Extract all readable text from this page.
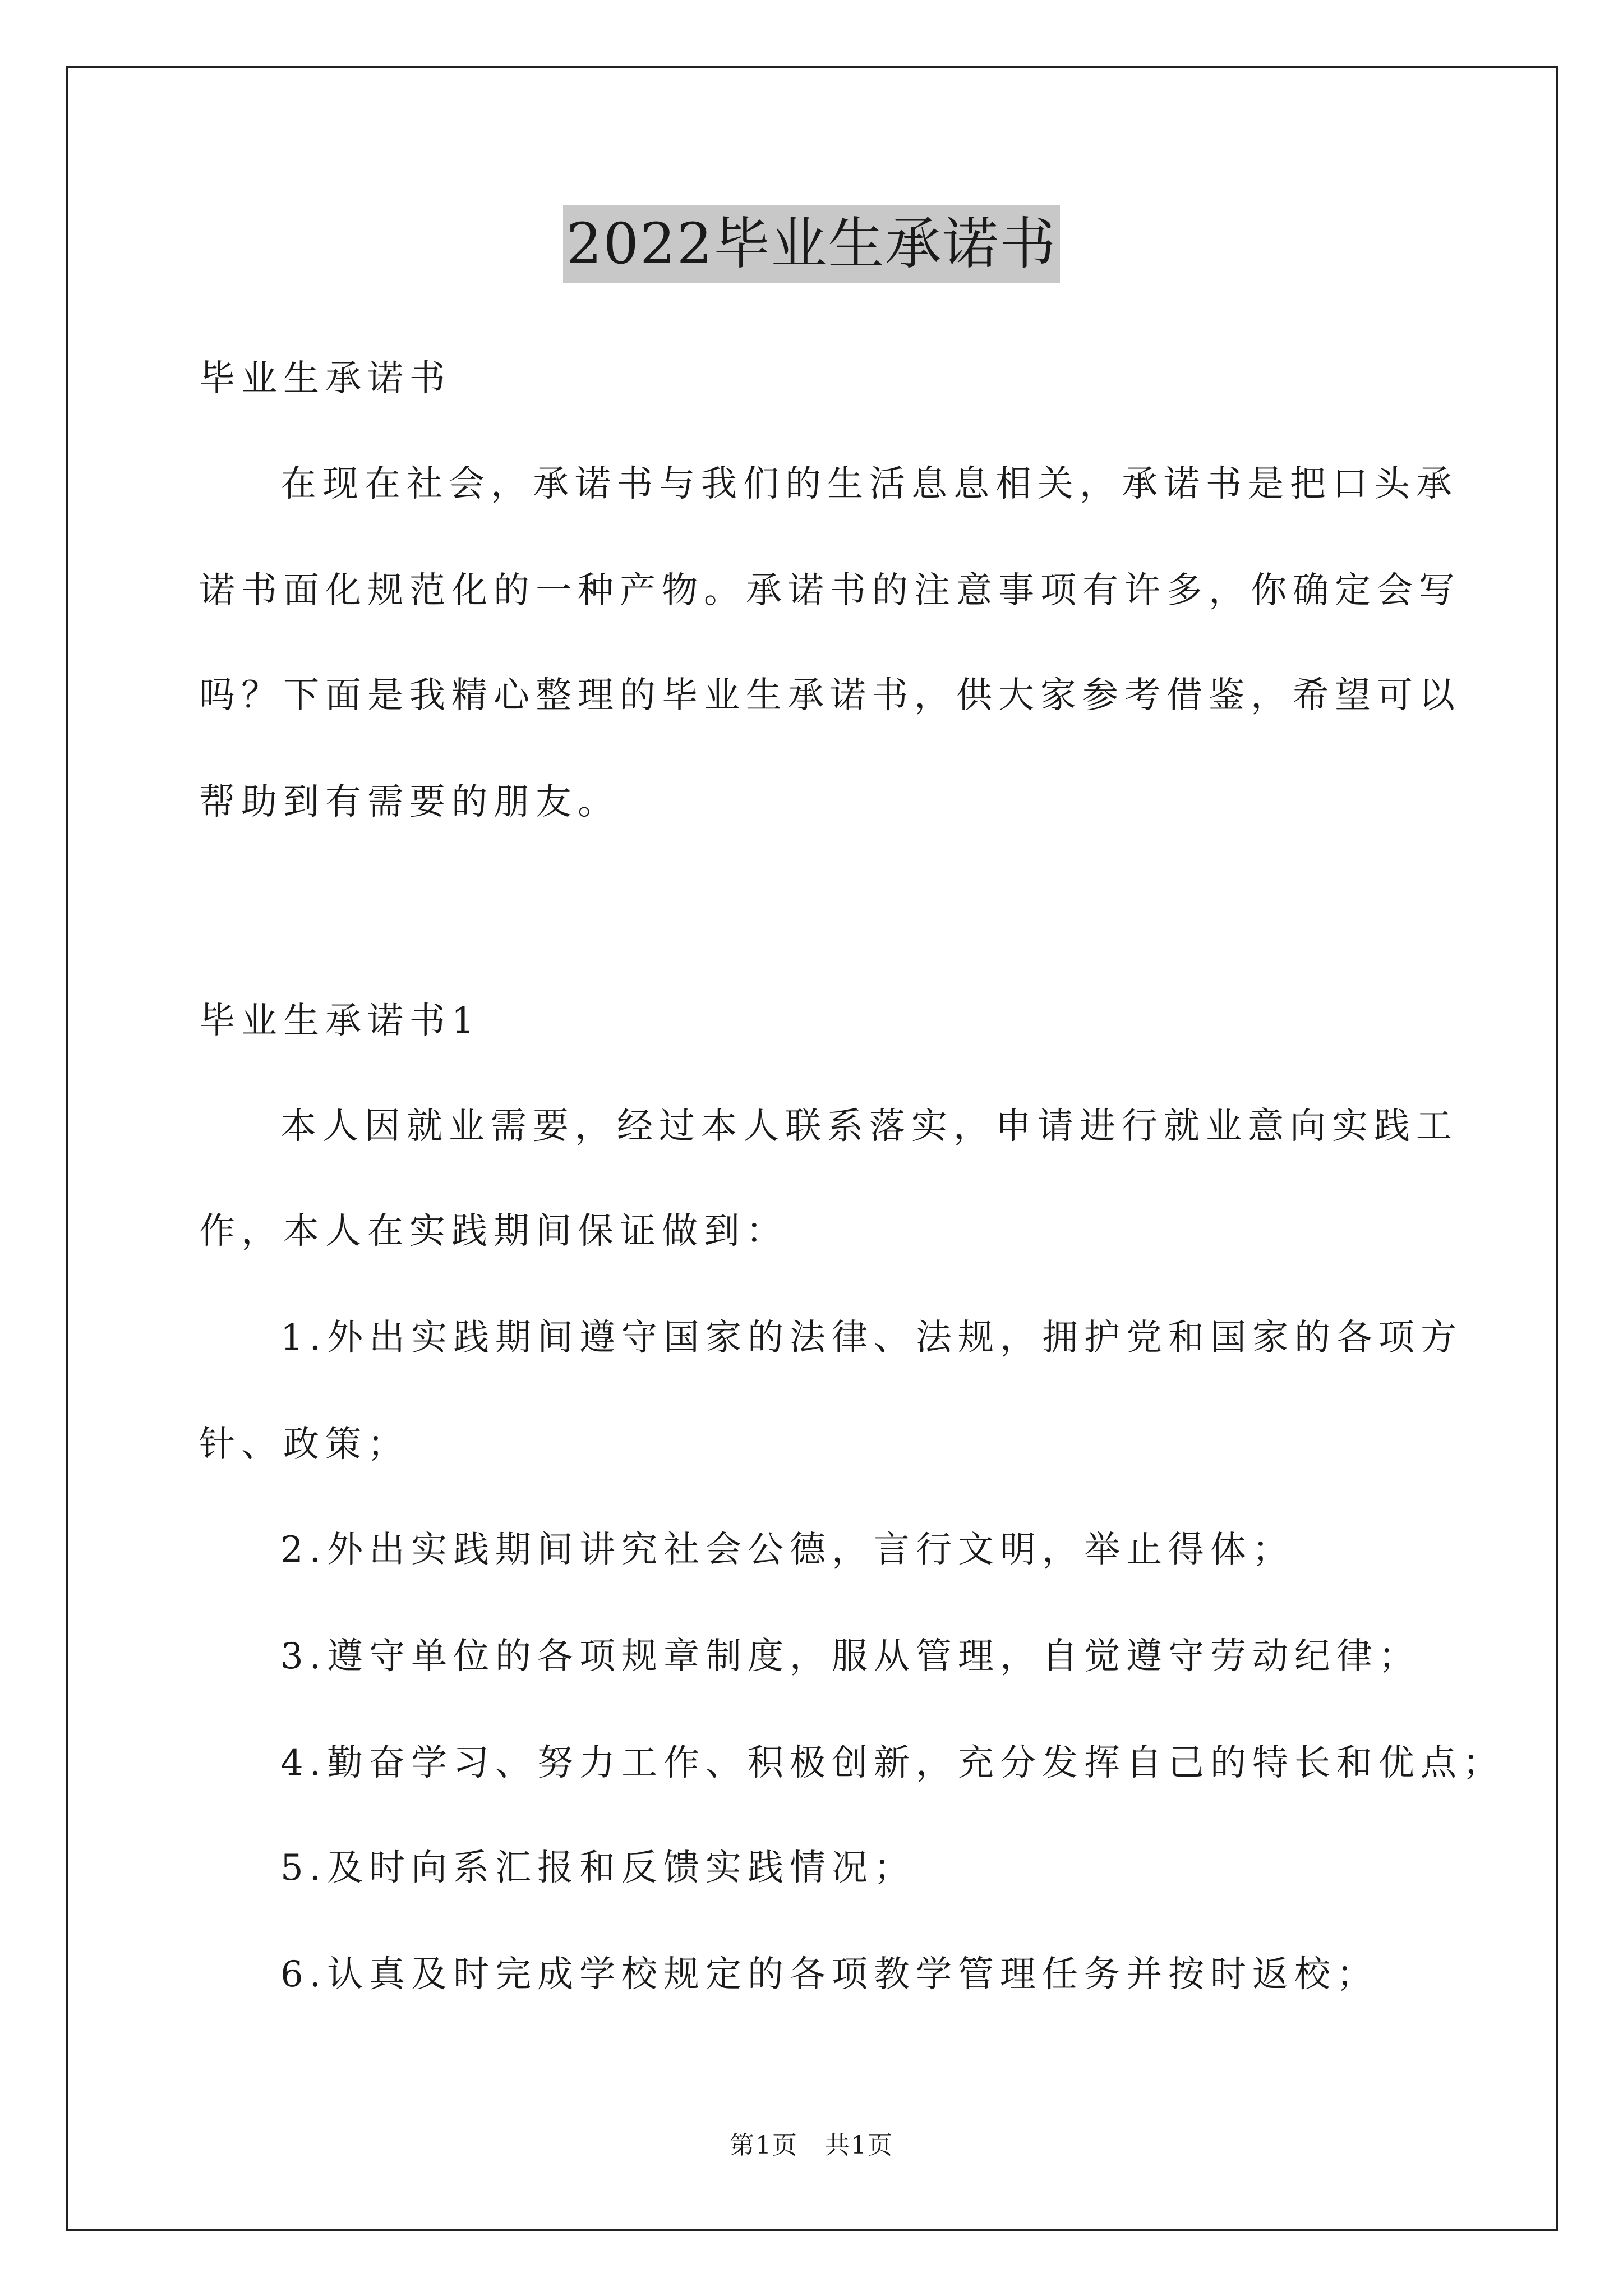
2022毕业生承诺书
毕业生承诺书
在现在社会，承诺书与我们的生活息息相关，承诺书是把口头承
诺书面化规范化的一种产物。承诺书的注意事项有许多，你确定会写
吗？下面是我精心整理的毕业生承诺书，供大家参考借鉴，希望可以
帮助到有需要的朋友。
毕业生承诺书1
本人因就业需要，经过本人联系落实，申请进行就业意向实践工
作，本人在实践期间保证做到：
1.外出实践期间遵守国家的法律、法规，拥护党和国家的各项方
针、政策；
2.外出实践期间讲究社会公德，言行文明，举止得体；
3.遵守单位的各项规章制度，服从管理，自觉遵守劳动纪律；
4.勤奋学习、努力工作、积极创新，充分发挥自己的特长和优点；
5.及时向系汇报和反馈实践情况；
6.认真及时完成学校规定的各项教学管理任务并按时返校；
第1页 共1页
